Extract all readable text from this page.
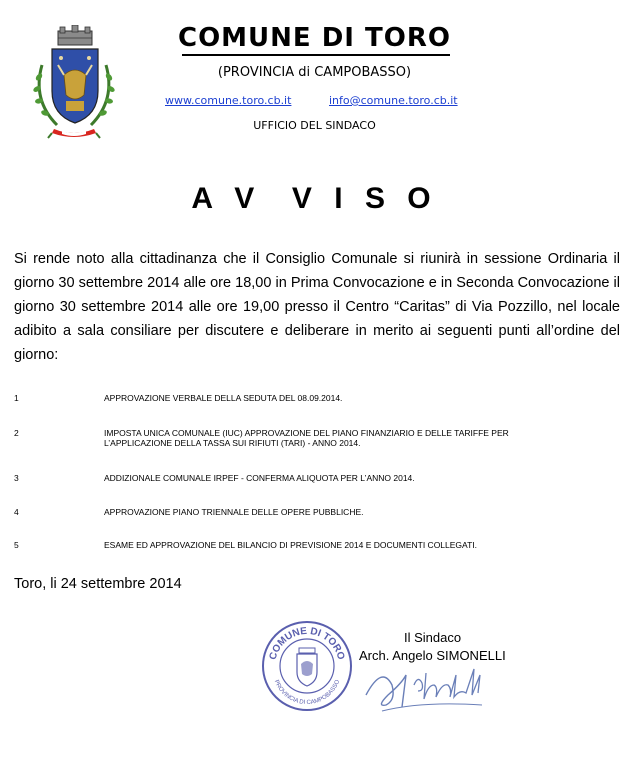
COMUNE DI TORO
(PROVINCIA di CAMPOBASSO)
www.comune.toro.cb.it	info@comune.toro.cb.it
UFFICIO DEL SINDACO
A V  V I S O

Si rende noto alla cittadinanza che il Consiglio Comunale si riunirà in sessione Ordinaria il giorno 30 settembre 2014 alle ore 18,00 in Prima Convocazione e in Seconda Convocazione il giorno 30 settembre 2014 alle ore 19,00 presso il Centro “Caritas” di Via Pozzillo, nel locale adibito a sala consiliare per discutere e deliberare in merito ai seguenti punti all’ordine del giorno:

1	APPROVAZIONE VERBALE DELLA SEDUTA DEL 08.09.2014.
2	IMPOSTA UNICA COMUNALE (IUC) APPROVAZIONE DEL PIANO FINANZIARIO E DELLE TARIFFE PER L’APPLICAZIONE DELLA TASSA SUI RIFIUTI (TARI) - ANNO 2014.
3	ADDIZIONALE COMUNALE IRPEF - CONFERMA ALIQUOTA PER L’ANNO 2014.
4	APPROVAZIONE PIANO TRIENNALE DELLE OPERE PUBBLICHE.
5	ESAME ED APPROVAZIONE DEL BILANCIO DI PREVISIONE 2014 E DOCUMENTI COLLEGATI.
Toro, li 24 settembre 2014
COMUNE DI TORO
PROVINCIA DI CAMPOBASSO
Il Sindaco
Arch. Angelo SIMONELLI
